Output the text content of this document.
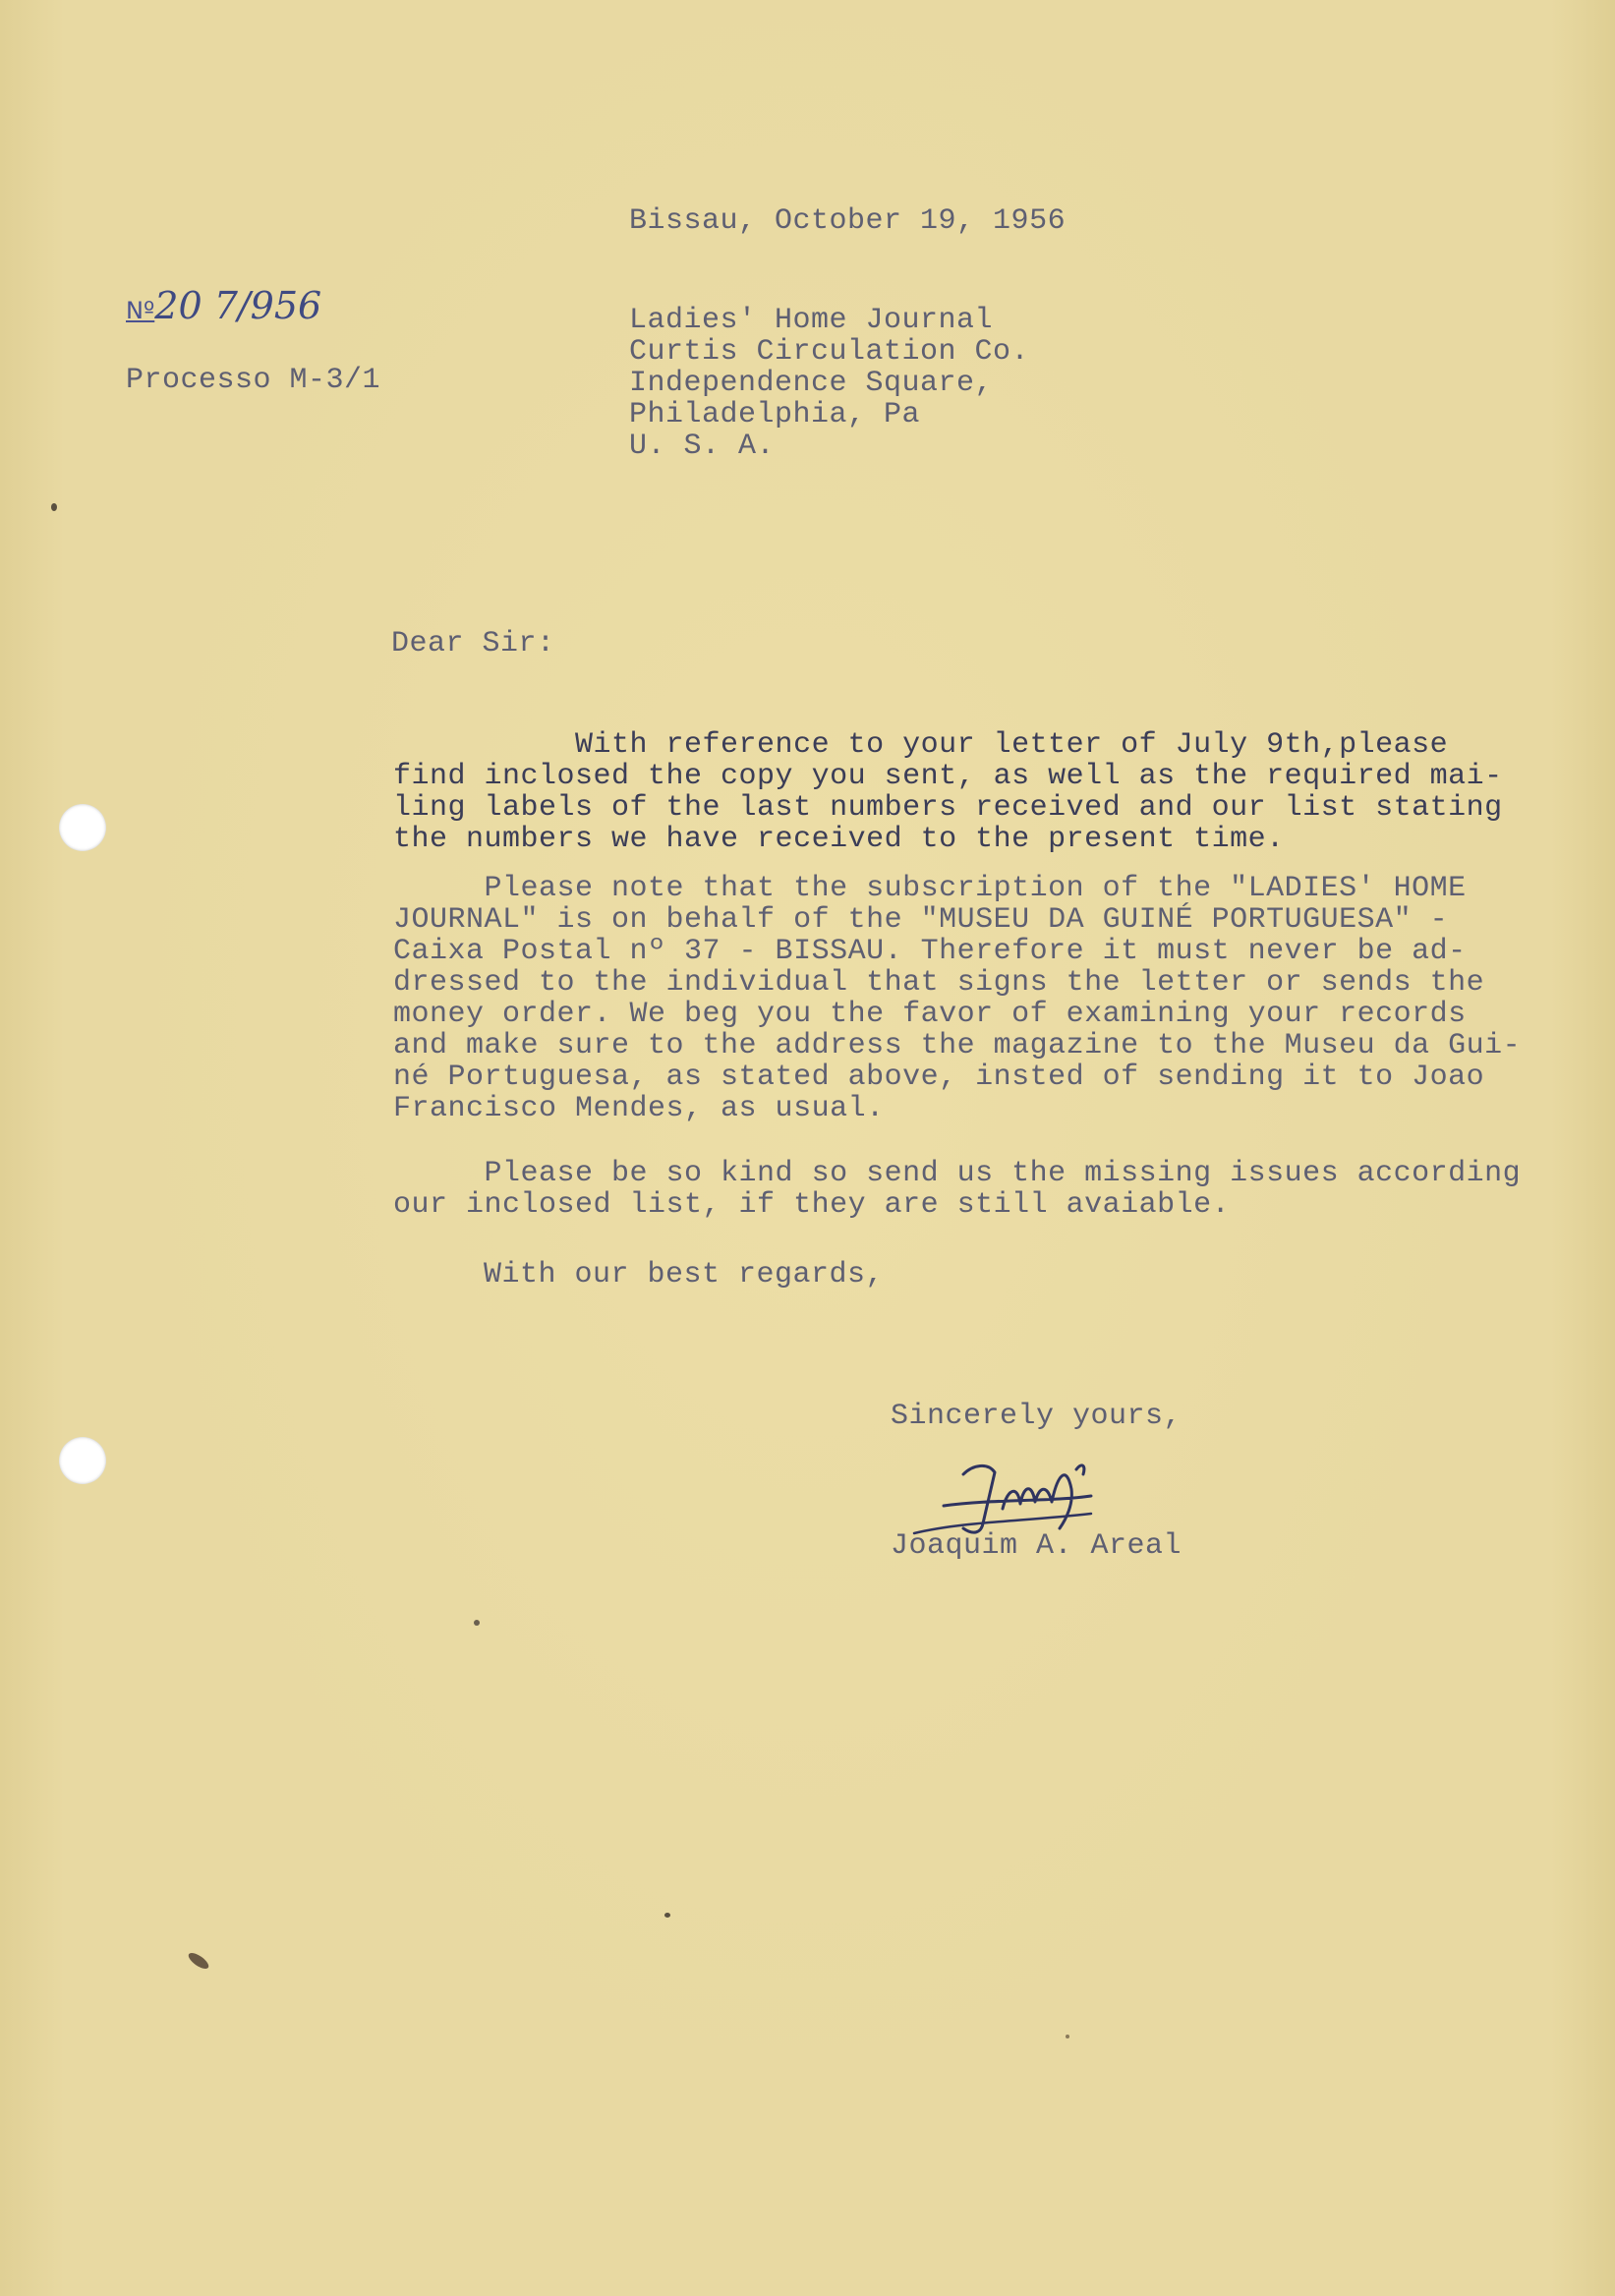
Bissau, October 19, 1956
Nº20 7/956
Processo M-3/1
Ladies' Home Journal
Curtis Circulation Co.
Independence Square,
Philadelphia, Pa
U. S. A.
Dear Sir:
With reference to your letter of July 9th,please
find inclosed the copy you sent, as well as the required mai-
ling labels of the last numbers received and our list stating
the numbers we have received to the present time.
Please note that the subscription of the "LADIES' HOME
JOURNAL" is on behalf of the "MUSEU DA GUINÉ PORTUGUESA" -
Caixa Postal nº 37 - BISSAU. Therefore it must never be ad-
dressed to the individual that signs the letter or sends the
money order. We beg you the favor of examining your records
and make sure to the address the magazine to the Museu da Gui-
né Portuguesa, as stated above, insted of sending it to Joao
Francisco Mendes, as usual.
Please be so kind so send us the missing issues according
our inclosed list, if they are still avaiable.
With our best regards,
Sincerely yours,
Joaquim A. Areal
